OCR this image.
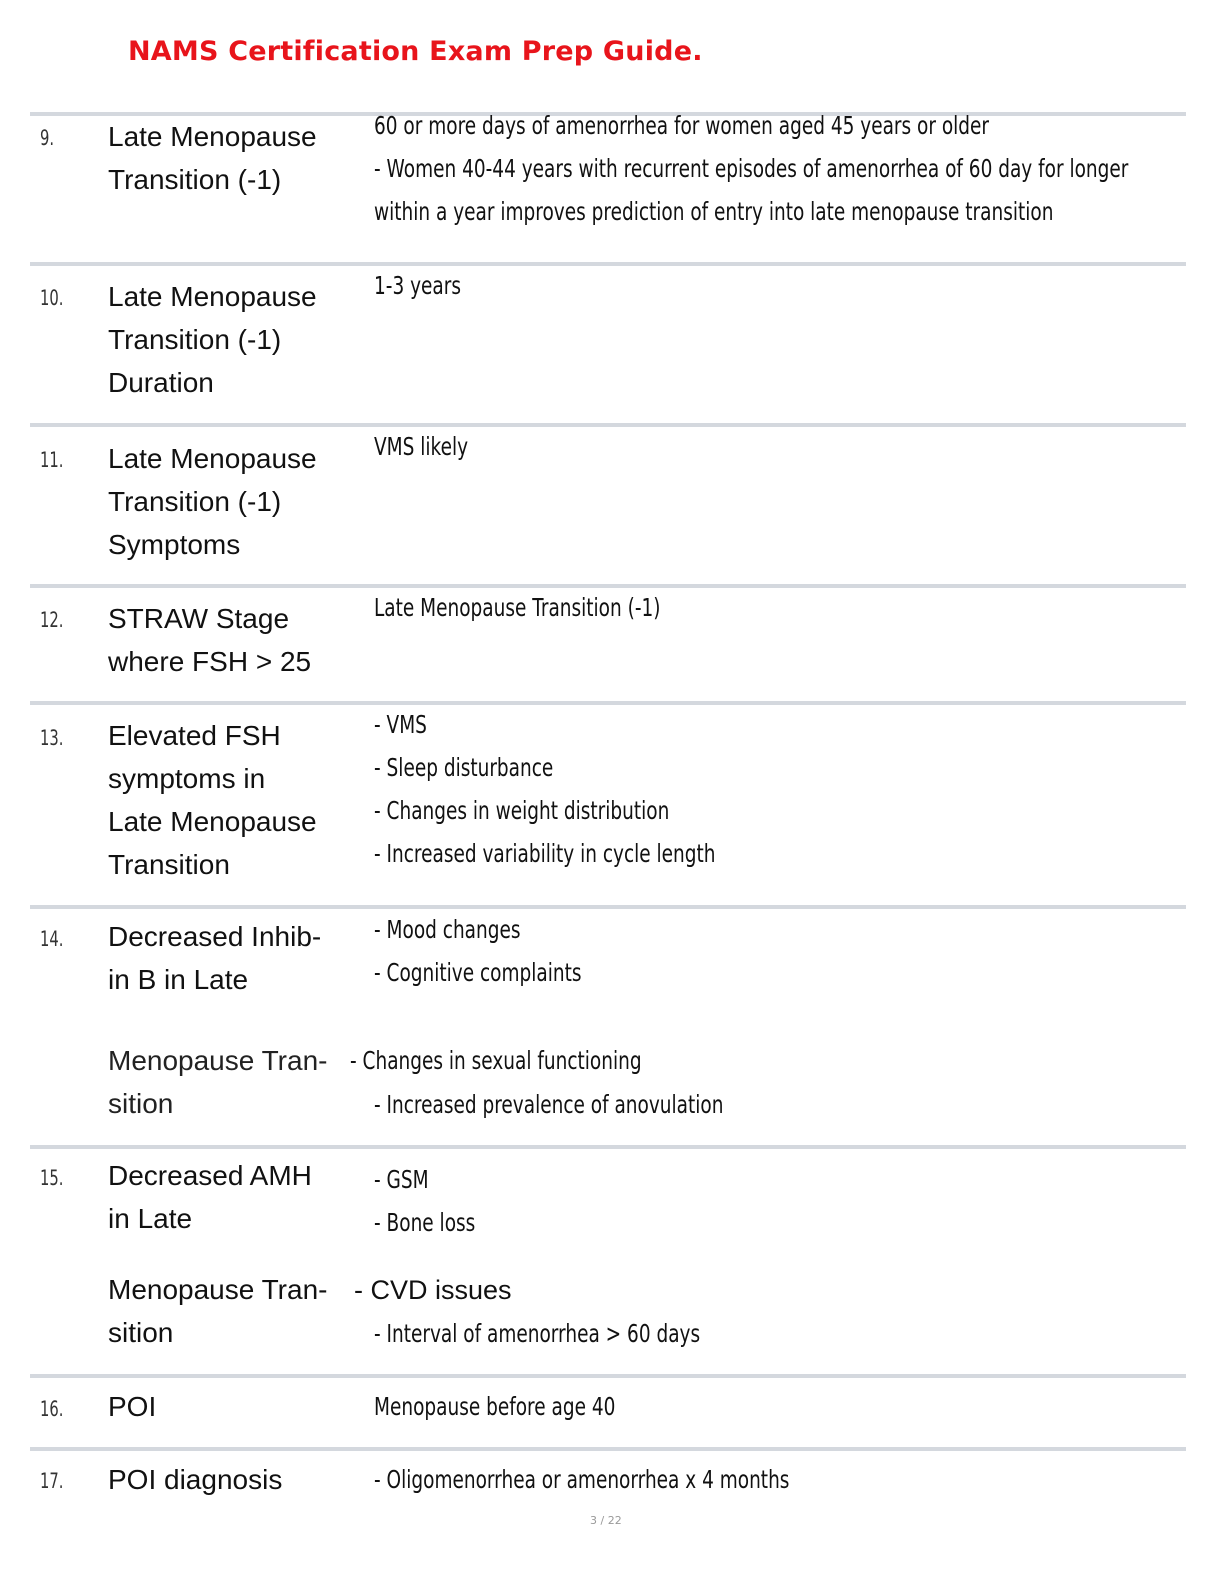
NAMS Certification Exam Prep Guide.
9. Late Menopause
Transition (-1)
60 or more days of amenorrhea for women aged 45 years or older
- Women 40-44 years with recurrent episodes of amenorrhea of 60 day for longer
within a year improves prediction of entry into late menopause transition
10. Late Menopause
Transition (-1)
Duration
1-3 years
11. Late Menopause
Transition (-1)
Symptoms
VMS likely
12. STRAW Stage
where FSH > 25
Late Menopause Transition (-1)
13. Elevated FSH
symptoms in
Late Menopause
Transition
- VMS
- Sleep disturbance
- Changes in weight distribution
- Increased variability in cycle length
14. Decreased Inhib-
in B in Late
- Mood changes
- Cognitive complaints
Menopause Tran-
sition
- Changes in sexual functioning
- Increased prevalence of anovulation
15. Decreased AMH
in Late
- GSM
- Bone loss
Menopause Tran-
sition
- CVD issues
- Interval of amenorrhea > 60 days
16. POI	Menopause before age 40
17. POI diagnosis	- Oligomenorrhea or amenorrhea x 4 months
3 / 22
